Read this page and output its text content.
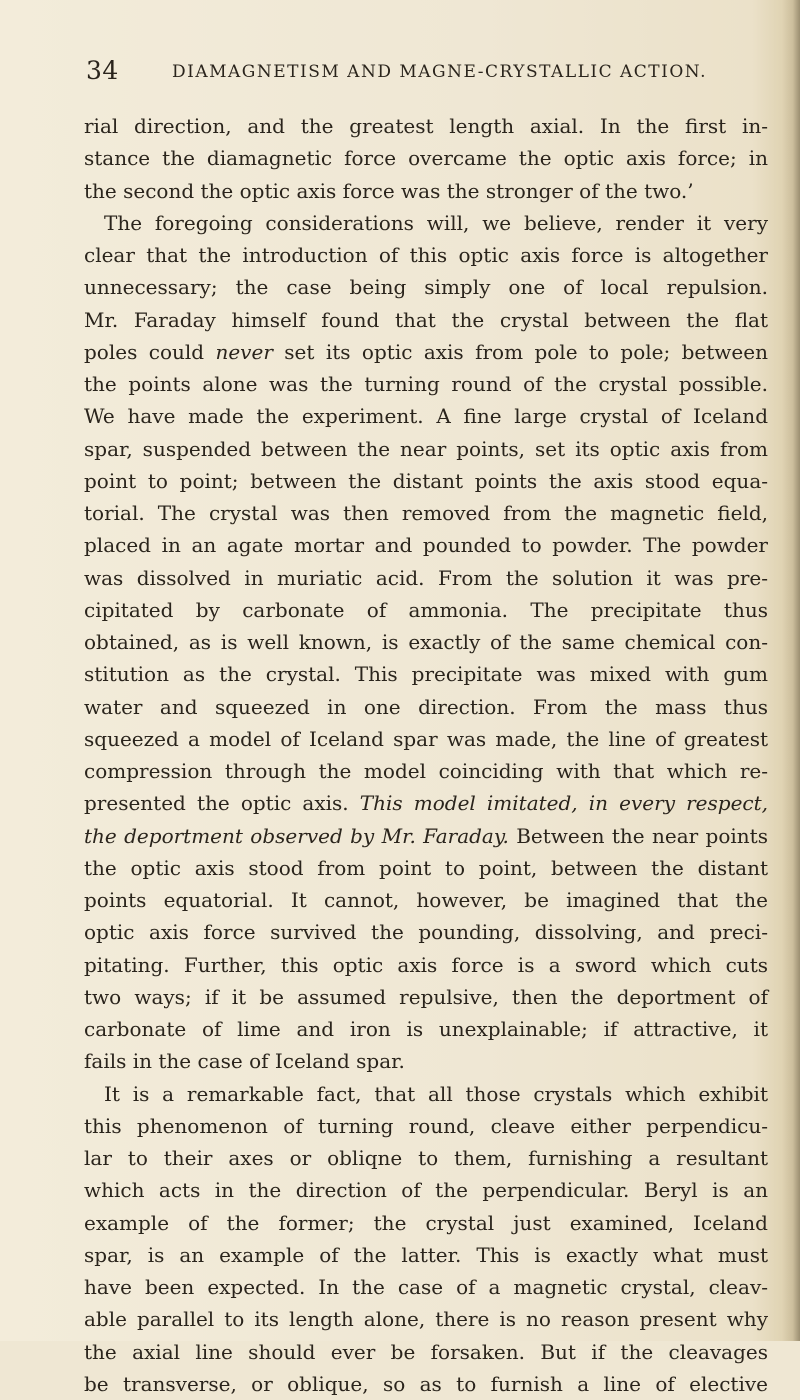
34	DIAMAGNETISM AND MAGNE-CRYSTALLIC ACTION.
rial direction, and the greatest length axial. In the first in-
stance the diamagnetic force overcame the optic axis force; in
the second the optic axis force was the stronger of the two.’
The foregoing considerations will, we believe, render it very
clear that the introduction of this optic axis force is altogether
unnecessary; the case being simply one of local repulsion.
Mr. Faraday himself found that the crystal between the flat
poles could never set its optic axis from pole to pole; between
the points alone was the turning round of the crystal possible.
We have made the experiment. A fine large crystal of Iceland
spar, suspended between the near points, set its optic axis from
point to point; between the distant points the axis stood equa-
torial. The crystal was then removed from the magnetic field,
placed in an agate mortar and pounded to powder. The powder
was dissolved in muriatic acid. From the solution it was pre-
cipitated by carbonate of ammonia. The precipitate thus
obtained, as is well known, is exactly of the same chemical con-
stitution as the crystal. This precipitate was mixed with gum
water and squeezed in one direction. From the mass thus
squeezed a model of Iceland spar was made, the line of greatest
compression through the model coinciding with that which re-
presented the optic axis. This model imitated, in every respect,
the deportment observed by Mr. Faraday. Between the near points
the optic axis stood from point to point, between the distant
points equatorial. It cannot, however, be imagined that the
optic axis force survived the pounding, dissolving, and preci-
pitating. Further, this optic axis force is a sword which cuts
two ways; if it be assumed repulsive, then the deportment of
carbonate of lime and iron is unexplainable; if attractive, it
fails in the case of Iceland spar.
It is a remarkable fact, that all those crystals which exhibit
this phenomenon of turning round, cleave either perpendicu-
lar to their axes or obliqne to them, furnishing a resultant
which acts in the direction of the perpendicular. Beryl is an
example of the former; the crystal just examined, Iceland
spar, is an example of the latter. This is exactly what must
have been expected. In the case of a magnetic crystal, cleav-
able parallel to its length alone, there is no reason present why
the axial line should ever be forsaken. But if the cleavages
be transverse, or oblique, so as to furnish a line of elective
